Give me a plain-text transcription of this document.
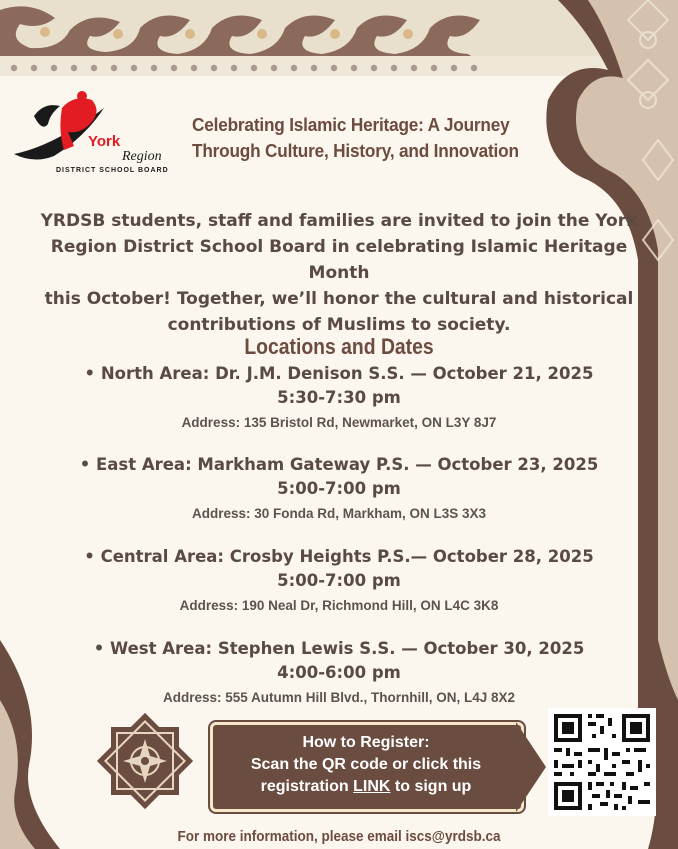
York
Region
DISTRICT SCHOOL BOARD
Celebrating Islamic Heritage: A Journey
Through Culture, History, and Innovation
YRDSB students, staff and families are invited to join the York
Region District School Board in celebrating Islamic Heritage Month
this October! Together, we’ll honor the cultural and historical
contributions of Muslims to society.
Locations and Dates
• North Area: Dr. J.M. Denison S.S. — October 21, 2025
5:30-7:30 pm
Address: 135 Bristol Rd, Newmarket, ON L3Y 8J7
• East Area: Markham Gateway P.S. — October 23, 2025
5:00-7:00 pm
Address: 30 Fonda Rd, Markham, ON L3S 3X3
• Central Area: Crosby Heights P.S.— October 28, 2025
5:00-7:00 pm
Address: 190 Neal Dr, Richmond Hill, ON L4C 3K8
• West Area: Stephen Lewis S.S. — October 30, 2025
4:00-6:00 pm
Address: 555 Autumn Hill Blvd., Thornhill, ON, L4J 8X2
How to Register:
Scan the QR code or click this
registration LINK to sign up
For more information, please email iscs@yrdsb.ca
